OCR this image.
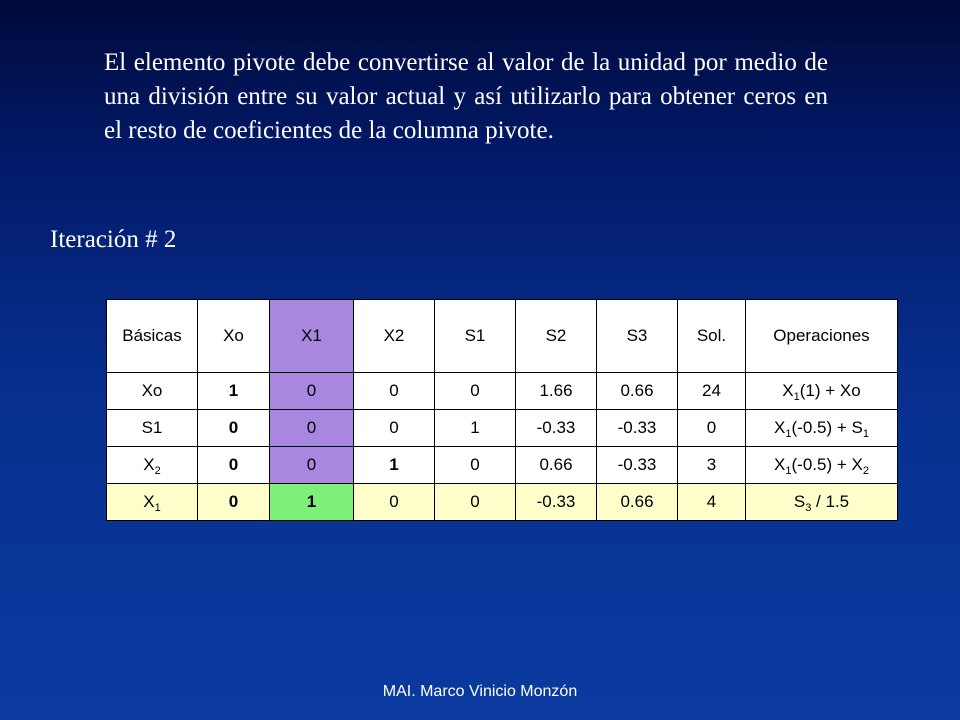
El elemento pivote debe convertirse al valor de la unidad por medio de una división entre su valor actual y así utilizarlo para obtener ceros en el resto de coeficientes de la columna pivote.

Iteración # 2

Básicas	Xo	X1	X2	S1	S2	S3	Sol.	Operaciones
Xo	1	0	0	0	1.66	0.66	24	$X_1(1) + Xo$
S1	0	0	0	1	-0.33	-0.33	0	$X_1(-0.5) + S_1$
$X_2$	0	0	1	0	0.66	-0.33	3	$X_1(-0.5) + X_2$
$X_1$	0	1	0	0	-0.33	0.66	4	$S_3 / 1.5$
MAI. Marco Vinicio Monzón
